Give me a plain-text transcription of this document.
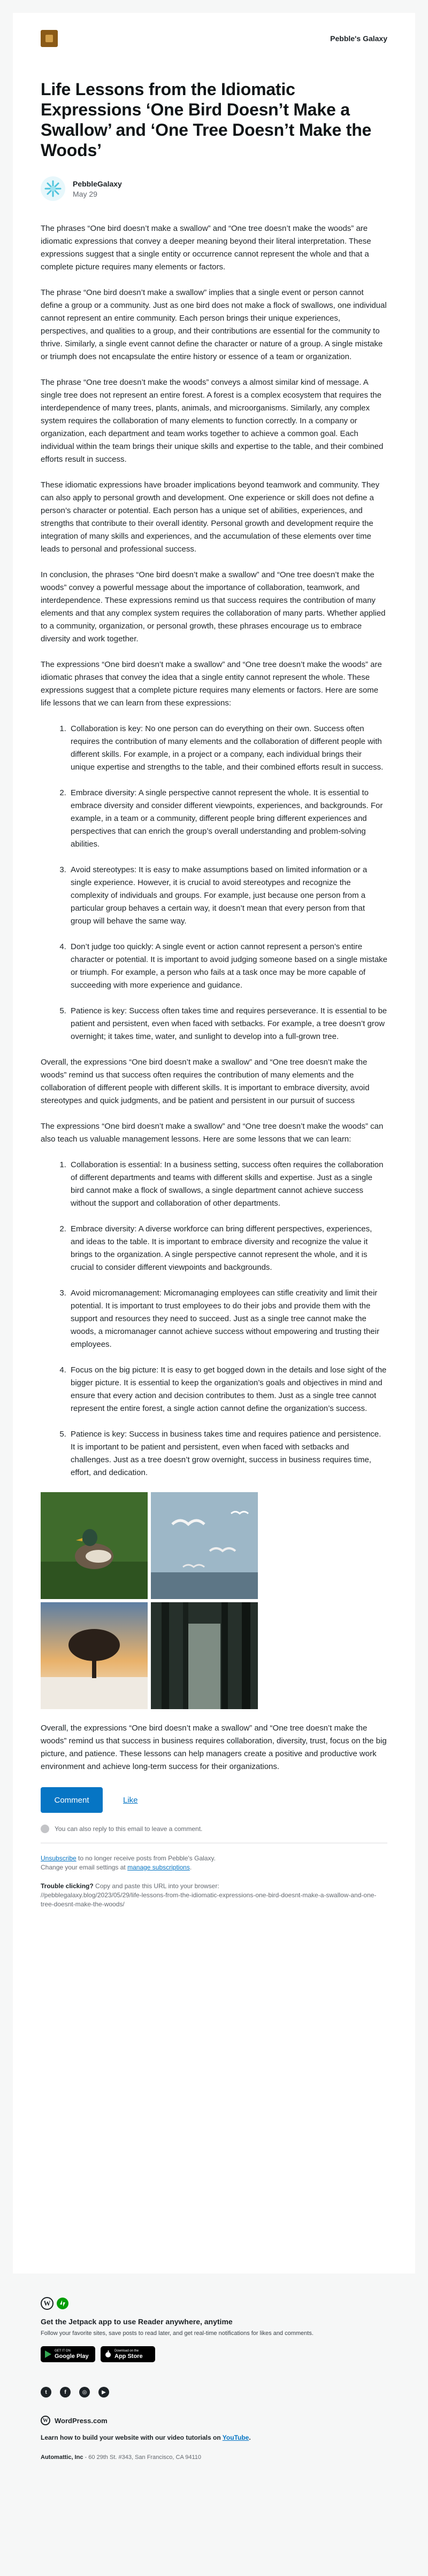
Pebble's Galaxy
Life Lessons from the Idiomatic Expressions ‘One Bird Doesn’t Make a Swallow’ and ‘One Tree Doesn’t Make the Woods’
PebbleGalaxy
May 29

The phrases “One bird doesn’t make a swallow” and “One tree doesn’t make the woods” are idiomatic expressions that convey a deeper meaning beyond their literal interpretation. These expressions suggest that a single entity or occurrence cannot represent the whole and that a complete picture requires many elements or factors.

The phrase “One bird doesn’t make a swallow” implies that a single event or person cannot define a group or a community. Just as one bird does not make a flock of swallows, one individual cannot represent an entire community. Each person brings their unique experiences, perspectives, and qualities to a group, and their contributions are essential for the community to thrive. Similarly, a single event cannot define the character or nature of a group. A single mistake or triumph does not encapsulate the entire history or essence of a team or organization.

The phrase “One tree doesn’t make the woods” conveys a almost similar kind of message. A single tree does not represent an entire forest. A forest is a complex ecosystem that requires the interdependence of many trees, plants, animals, and microorganisms. Similarly, any complex system requires the collaboration of many elements to function correctly. In a company or organization, each department and team works together to achieve a common goal. Each individual within the team brings their unique skills and expertise to the table, and their combined efforts result in success.

These idiomatic expressions have broader implications beyond teamwork and community. They can also apply to personal growth and development. One experience or skill does not define a person’s character or potential. Each person has a unique set of abilities, experiences, and strengths that contribute to their overall identity. Personal growth and development require the integration of many skills and experiences, and the accumulation of these elements over time leads to personal and professional success.

In conclusion, the phrases “One bird doesn’t make a swallow” and “One tree doesn’t make the woods” convey a powerful message about the importance of collaboration, teamwork, and interdependence. These expressions remind us that success requires the contribution of many elements and that any complex system requires the collaboration of many parts. Whether applied to a community, organization, or personal growth, these phrases encourage us to embrace diversity and work together.

The expressions “One bird doesn’t make a swallow” and “One tree doesn’t make the woods” are idiomatic phrases that convey the idea that a single entity cannot represent the whole. These expressions suggest that a complete picture requires many elements or factors. Here are some life lessons that we can learn from these expressions:

1. Collaboration is key: No one person can do everything on their own. Success often requires the contribution of many elements and the collaboration of different people with different skills. For example, in a project or a company, each individual brings their unique expertise and strengths to the table, and their combined efforts result in success.
2. Embrace diversity: A single perspective cannot represent the whole. It is essential to embrace diversity and consider different viewpoints, experiences, and backgrounds. For example, in a team or a community, different people bring different experiences and perspectives that can enrich the group’s overall understanding and problem-solving abilities.
3. Avoid stereotypes: It is easy to make assumptions based on limited information or a single experience. However, it is crucial to avoid stereotypes and recognize the complexity of individuals and groups. For example, just because one person from a particular group behaves a certain way, it doesn’t mean that every person from that group will behave the same way.
4. Don’t judge too quickly: A single event or action cannot represent a person’s entire character or potential. It is important to avoid judging someone based on a single mistake or triumph. For example, a person who fails at a task once may be more capable of succeeding with more experience and guidance.
5. Patience is key: Success often takes time and requires perseverance. It is essential to be patient and persistent, even when faced with setbacks. For example, a tree doesn’t grow overnight; it takes time, water, and sunlight to develop into a full-grown tree.

Overall, the expressions “One bird doesn’t make a swallow” and “One tree doesn’t make the woods” remind us that success often requires the contribution of many elements and the collaboration of different people with different skills. It is important to embrace diversity, avoid stereotypes and quick judgments, and be patient and persistent in our pursuit of success

The expressions “One bird doesn’t make a swallow” and “One tree doesn’t make the woods” can also teach us valuable management lessons. Here are some lessons that we can learn:

1. Collaboration is essential: In a business setting, success often requires the collaboration of different departments and teams with different skills and expertise. Just as a single bird cannot make a flock of swallows, a single department cannot achieve success without the support and collaboration of other departments.
2. Embrace diversity: A diverse workforce can bring different perspectives, experiences, and ideas to the table. It is important to embrace diversity and recognize the value it brings to the organization. A single perspective cannot represent the whole, and it is crucial to consider different viewpoints and backgrounds.
3. Avoid micromanagement: Micromanaging employees can stifle creativity and limit their potential. It is important to trust employees to do their jobs and provide them with the support and resources they need to succeed. Just as a single tree cannot make the woods, a micromanager cannot achieve success without empowering and trusting their employees.
4. Focus on the big picture: It is easy to get bogged down in the details and lose sight of the bigger picture. It is essential to keep the organization’s goals and objectives in mind and ensure that every action and decision contributes to them. Just as a single tree cannot represent the entire forest, a single action cannot define the organization’s success.
5. Patience is key: Success in business takes time and requires patience and persistence. It is important to be patient and persistent, even when faced with setbacks and challenges. Just as a tree doesn’t grow overnight, success in business requires time, effort, and dedication.

Overall, the expressions “One bird doesn’t make a swallow” and “One tree doesn’t make the woods” remind us that success in business requires collaboration, diversity, trust, focus on the big picture, and patience. These lessons can help managers create a positive and productive work environment and achieve long-term success for their organizations.

Comment	Like
You can also reply to this email to leave a comment.
Unsubscribe to no longer receive posts from Pebble's Galaxy.
Change your email settings at manage subscriptions.
Trouble clicking? Copy and paste this URL into your browser:
//pebblegalaxy.blog/2023/05/29/life-lessons-from-the-idiomatic-expressions-one-bird-doesnt-make-a-swallow-and-one-tree-doesnt-make-the-woods/
W
Get the Jetpack app to use Reader anywhere, anytime
Follow your favorite sites, save posts to read later, and get real-time notifications for likes and comments.
GET IT ON
Google Play
Download on the
App Store
t	f	◎	▶
W WordPress.com
Learn how to build your website with our video tutorials on YouTube.
Automattic, Inc - 60 29th St. #343, San Francisco, CA 94110
